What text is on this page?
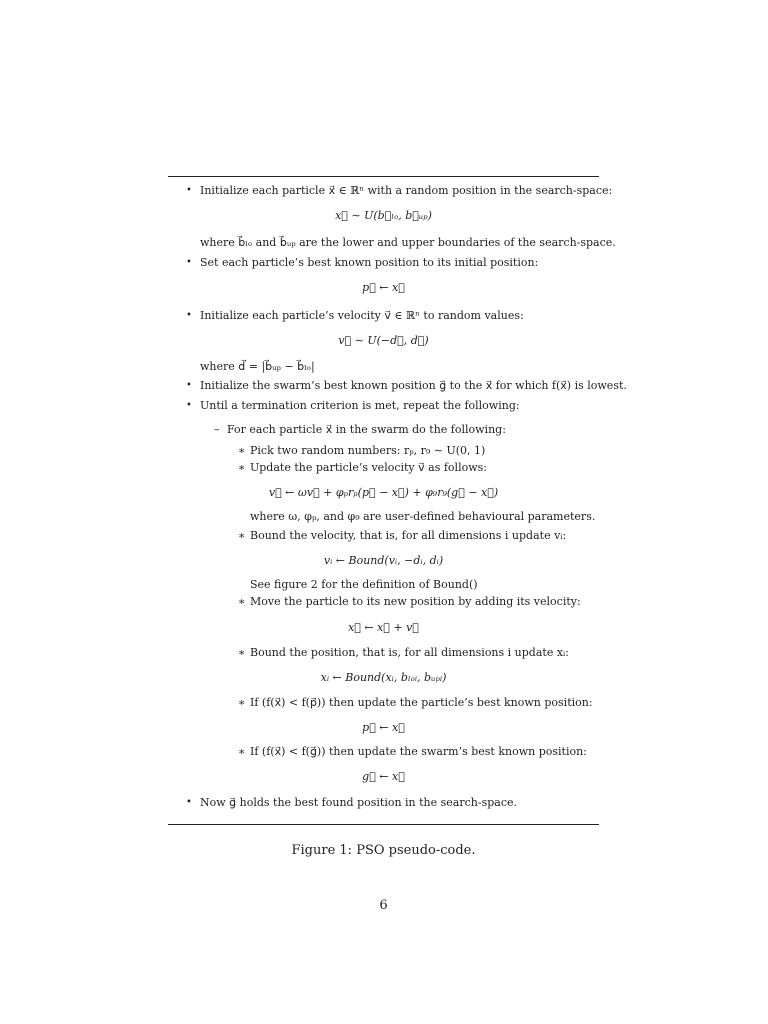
• Initialize each particle x⃗ ∈ ℝⁿ with a random position in the search-space:
x⃗ ∼ U(b⃗ₗₒ, b⃗ᵤₚ)
where b⃗ₗₒ and b⃗ᵤₚ are the lower and upper boundaries of the search-space.
• Set each particle’s best known position to its initial position:
p⃗ ← x⃗
• Initialize each particle’s velocity v⃗ ∈ ℝⁿ to random values:
v⃗ ∼ U(−d⃗, d⃗)
where d⃗ = |b⃗ᵤₚ − b⃗ₗₒ|
• Initialize the swarm’s best known position g⃗ to the x⃗ for which f(x⃗) is lowest.
• Until a termination criterion is met, repeat the following:
– For each particle x⃗ in the swarm do the following:
∗ Pick two random numbers: rₚ, r₉ ∼ U(0, 1)
∗ Update the particle’s velocity v⃗ as follows:
v⃗ ← ωv⃗ + φₚrₚ(p⃗ − x⃗) + φ₉r₉(g⃗ − x⃗)
where ω, φₚ, and φ₉ are user-defined behavioural parameters.
∗ Bound the velocity, that is, for all dimensions i update vᵢ:
vᵢ ← Bound(vᵢ, −dᵢ, dᵢ)
See figure 2 for the definition of Bound()
∗ Move the particle to its new position by adding its velocity:
x⃗ ← x⃗ + v⃗
∗ Bound the position, that is, for all dimensions i update xᵢ:
xᵢ ← Bound(xᵢ, bₗₒᵢ, bᵤₚᵢ)
∗ If (f(x⃗) < f(p⃗)) then update the particle’s best known position:
p⃗ ← x⃗
∗ If (f(x⃗) < f(g⃗)) then update the swarm’s best known position:
g⃗ ← x⃗
• Now g⃗ holds the best found position in the search-space.
Figure 1: PSO pseudo-code.
6
